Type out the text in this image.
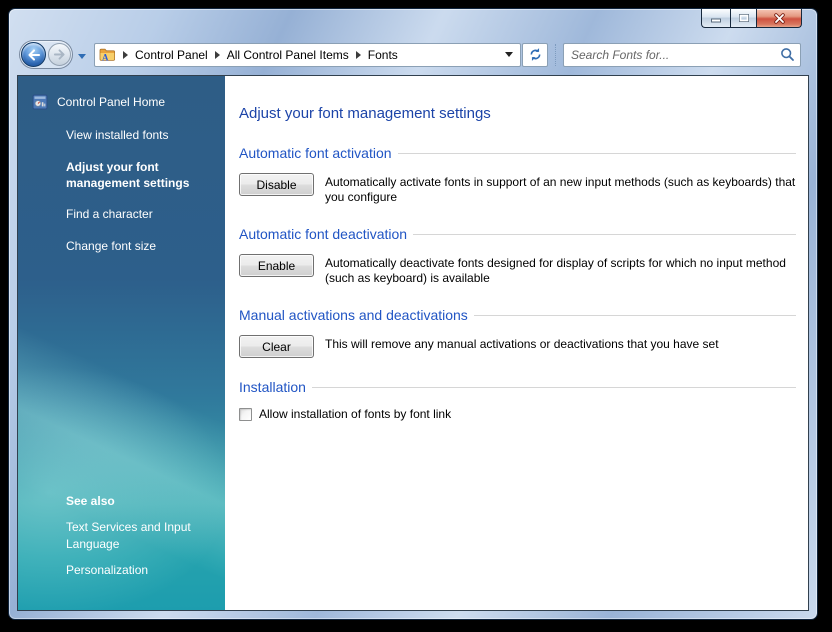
A Control Panel All Control Panel Items Fonts
Search Fonts for...
Control Panel Home
View installed fonts
Adjust your font management settings
Find a character
Change font size
See also
Text Services and Input Language
Personalization
Adjust your font management settings
Automatic font activation
Disable	Automatically activate fonts in support of an new input methods (such as keyboards) that you configure
Automatic font deactivation
Enable	Automatically deactivate fonts designed for display of scripts for which no input method (such as keyboard) is available
Manual activations and deactivations
Clear	This will remove any manual activations or deactivations that you have set
Installation
Allow installation of fonts by font link
